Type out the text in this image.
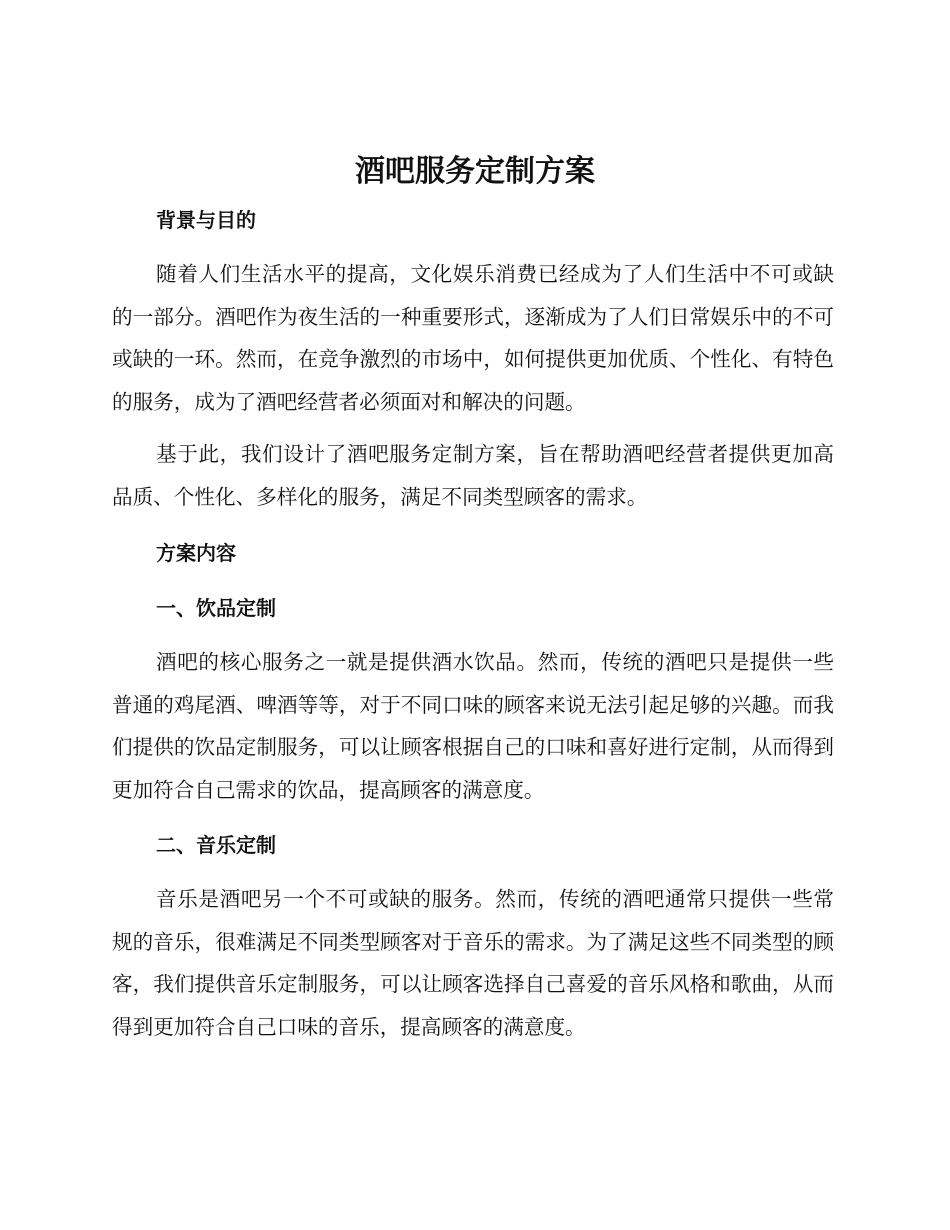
酒吧服务定制方案
背景与目的
随着人们生活水平的提高，文化娱乐消费已经成为了人们生活中不可或缺的一部分。酒吧作为夜生活的一种重要形式，逐渐成为了人们日常娱乐中的不可或缺的一环。然而，在竞争激烈的市场中，如何提供更加优质、个性化、有特色的服务，成为了酒吧经营者必须面对和解决的问题。
基于此，我们设计了酒吧服务定制方案，旨在帮助酒吧经营者提供更加高品质、个性化、多样化的服务，满足不同类型顾客的需求。
方案内容
一、饮品定制
酒吧的核心服务之一就是提供酒水饮品。然而，传统的酒吧只是提供一些普通的鸡尾酒、啤酒等等，对于不同口味的顾客来说无法引起足够的兴趣。而我们提供的饮品定制服务，可以让顾客根据自己的口味和喜好进行定制，从而得到更加符合自己需求的饮品，提高顾客的满意度。
二、音乐定制
音乐是酒吧另一个不可或缺的服务。然而，传统的酒吧通常只提供一些常规的音乐，很难满足不同类型顾客对于音乐的需求。为了满足这些不同类型的顾客，我们提供音乐定制服务，可以让顾客选择自己喜爱的音乐风格和歌曲，从而得到更加符合自己口味的音乐，提高顾客的满意度。
